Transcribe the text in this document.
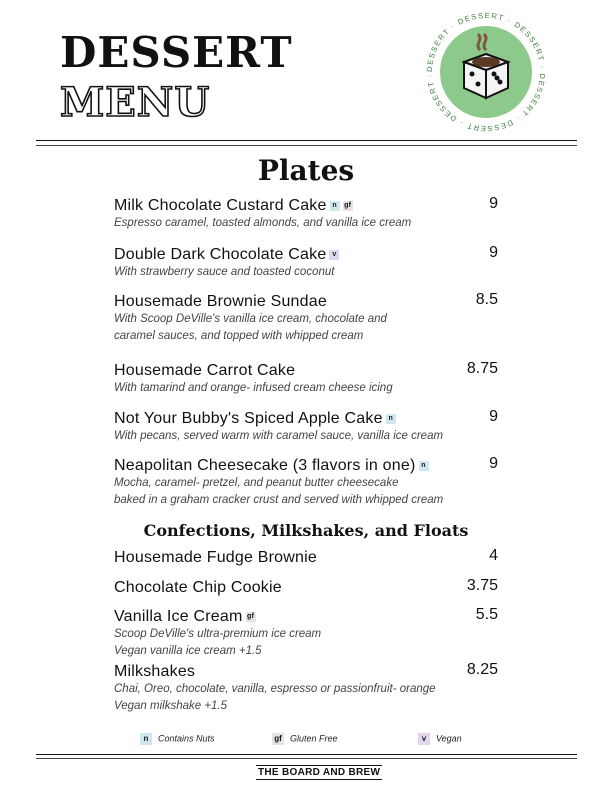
DESSERT
MENU
DESSERT · DESSERT · DESSERT · DESSERT · DESSERT · DESSERT ·
Plates
Milk Chocolate Custard Cake n gf	9
Espresso caramel, toasted almonds, and vanilla ice cream
Double Dark Chocolate Cake v	9
With strawberry sauce and toasted coconut
Housemade Brownie Sundae	8.5
With Scoop DeVille's vanilla ice cream, chocolate and
caramel sauces, and topped with whipped cream
Housemade Carrot Cake	8.75
With tamarind and orange- infused cream cheese icing
Not Your Bubby's Spiced Apple Cake n	9
With pecans, served warm with caramel sauce, vanilla ice cream
Neapolitan Cheesecake (3 flavors in one) n	9
Mocha, caramel- pretzel, and peanut butter cheesecake
baked in a graham cracker crust and served with whipped cream
Confections, Milkshakes, and Floats
Housemade Fudge Brownie	4
Chocolate Chip Cookie	3.75
Vanilla Ice Cream gf	5.5
Scoop DeVille's ultra-premium ice cream
Vegan vanilla ice cream +1.5
Milkshakes	8.25
Chai, Oreo, chocolate, vanilla, espresso or passionfruit- orange
Vegan milkshake +1.5
n Contains Nuts	gf Gluten Free	v Vegan
THE BOARD AND BREW
